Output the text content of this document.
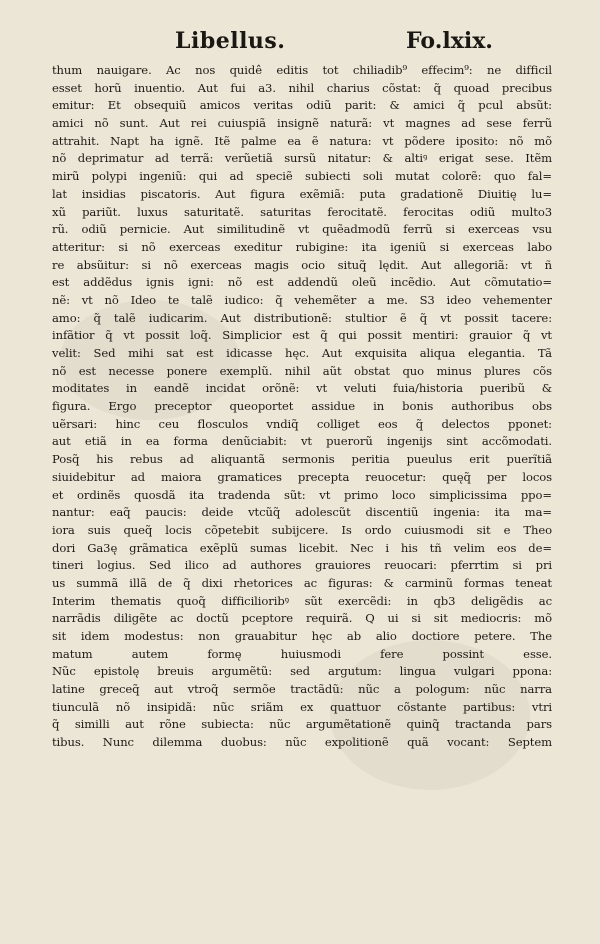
Libellus.	Fo.lxix.
thum nauigare. Ac nos quidê editis tot chiliadib⁹ effecim⁹: ne difficil
esset horũ inuentio. Aut fui a3. nihil charius cõstat: q̃ quoad precibus
emitur: Et obsequiũ amicos veritas odiũ parit: & amici q̃ pcul absũt:
amici nõ sunt. Aut rei cuiuspiã insignẽ naturã: vt magnes ad sese ferrũ
attrahit. Napt ha ignẽ. Itẽ palme ea ẽ natura: vt põdere iposito: nõ mõ
nõ deprimatur ad terrã: verũetiã sursũ nitatur: & altiꝰ erigat sese. Itẽm
mirũ polypi ingeniũ: qui ad speciẽ subiecti soli mutat colorẽ: quo fal=
lat insidias piscatoris. Aut figura exẽmiã: puta gradationẽ Diuitię lu=
xũ pariũt. luxus saturitatẽ. saturitas ferocitatẽ. ferocitas odiũ multo3
rũ. odiũ pernicie. Aut similitudinẽ vt quẽadmodũ ferrũ si exerceas vsu
atteritur: si nõ exerceas exeditur rubigine: ita igeniũ si exerceas labo
re absũitur: si nõ exerceas magis ocio situq̃ lędit. Aut allegoriã: vt ñ
est addẽdus ignis igni: nõ est addendũ oleũ incẽdio. Aut cõmutatio=
nẽ: vt nõ Ideo te talẽ iudico: q̃ vehemẽter a me. S3 ideo vehementer
amo: q̃ talẽ iudicarim. Aut distributionẽ: stultior ẽ q̃ vt possit tacere:
infãtior q̃ vt possit loq̃. Simplicior est q̃ qui possit mentiri: grauior q̃ vt
velit: Sed mihi sat est idicasse hęc. Aut exquisita aliqua elegantia. Tã
nõ est necesse ponere exemplũ. nihil aũt obstat quo minus plures cõs
moditates in eandẽ incidat orõnẽ: vt veluti fuia/historia pueribũ &
figura. Ergo preceptor queoportet assidue in bonis authoribus obs
uẽrsari: hinc ceu flosculos vndiq̃ colliget eos q̃ delectos pponet:
aut etiã in ea forma denũciabit: vt puerorũ ingenijs sint accõmodati.
Posq̃ his rebus ad aliquantã sermonis peritia pueulus erit puerĩtiã
siuidebitur ad maiora gramatices precepta reuocetur: quęq̃ per locos
et ordinẽs quosdã ita tradenda sũt: vt primo loco simplicissima ppo=
nantur: eaq̃ paucis: deide vtcũq̃ adolescũt discentiũ ingenia: ita ma=
iora suis queq̃ locis cõpetebit subijcere. Is ordo cuiusmodi sit e Theo
dori Ga3ę grãmatica exẽplũ sumas licebit. Nec i his tñ velim eos de=
tineri logius. Sed ilico ad authores grauiores reuocari: pferrtim si pri
us summã illã de q̃ dixi rhetorices ac figuras: & carminũ formas teneat
Interim thematis quoq̃ difficilioribꝰ sũt exercẽdi: in qb3 deligẽdis ac
narrãdis diligẽte ac doctũ pceptore requirã. Q ui si sit mediocris: mõ
sit idem modestus: non grauabitur hęc ab alio doctiore petere. The
matum autem formę huiusmodi fere possint esse.
Nũc epistolę breuis argumẽtũ: sed argutum: lingua vulgari ppona:
latine greceq̃ aut vtroq̃ sermõe tractãdũ: nũc a pologum: nũc narra
tiunculã nõ insipidã: nũc sriãm ex quattuor cõstante partibus: vtri
q̃ similli aut rõne subiecta: nũc argumẽtationẽ quinq̃ tractanda pars
tibus. Nunc dilemma duobus: nũc expolitionẽ quã vocant: Septem
